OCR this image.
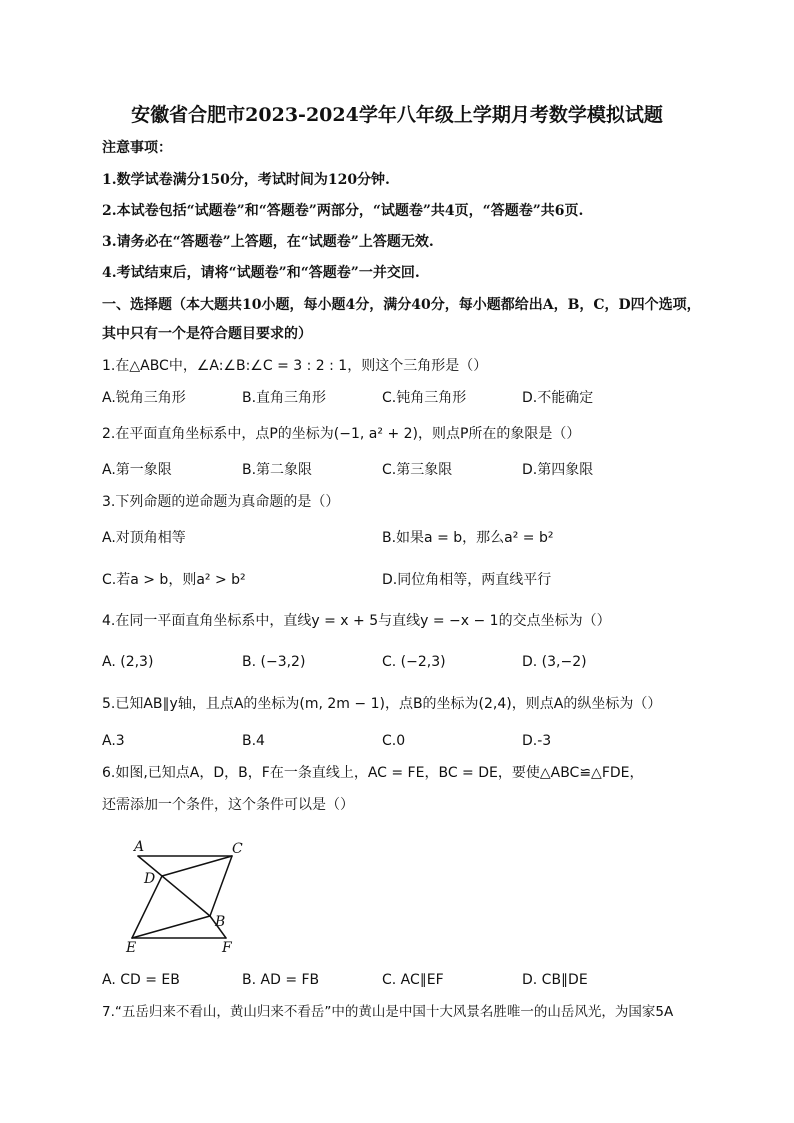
安徽省合肥市2023-2024学年八年级上学期月考数学模拟试题
注意事项：
1.数学试卷满分150分，考试时间为120分钟.
2.本试卷包括“试题卷”和“答题卷”两部分，“试题卷”共4页，“答题卷”共6页.
3.请务必在“答题卷”上答题，在“试题卷”上答题无效.
4.考试结束后，请将“试题卷”和“答题卷”一并交回.
一、选择题（本大题共10小题，每小题4分，满分40分，每小题都给出A，B，C，D四个选项，
其中只有一个是符合题目要求的）
1.在△ABC中，∠A:∠B:∠C = 3 : 2 : 1，则这个三角形是（）
A.锐角三角形	B.直角三角形	C.钝角三角形	D.不能确定
2.在平面直角坐标系中，点P的坐标为(−1, a² + 2)，则点P所在的象限是（）
A.第一象限	B.第二象限	C.第三象限	D.第四象限
3.下列命题的逆命题为真命题的是（）
A.对顶角相等	B.如果a = b，那么a² = b²
C.若a > b，则a² > b²	D.同位角相等，两直线平行
4.在同一平面直角坐标系中，直线y = x + 5与直线y = −x − 1的交点坐标为（）
A. (2,3)	B. (−3,2)	C. (−2,3)	D. (3,−2)
5.已知AB∥y轴，且点A的坐标为(m, 2m − 1)，点B的坐标为(2,4)，则点A的纵坐标为（）
A.3	B.4	C.0	D.-3
6.如图,已知点A，D，B，F在一条直线上，AC = FE，BC = DE，要使△ABC≌△FDE，
还需添加一个条件，这个条件可以是（）
A	C
D
B
E	F
A. CD = EB	B. AD = FB	C. AC∥EF	D. CB∥DE
7.“五岳归来不看山，黄山归来不看岳”中的黄山是中国十大风景名胜唯一的山岳风光，为国家5A
